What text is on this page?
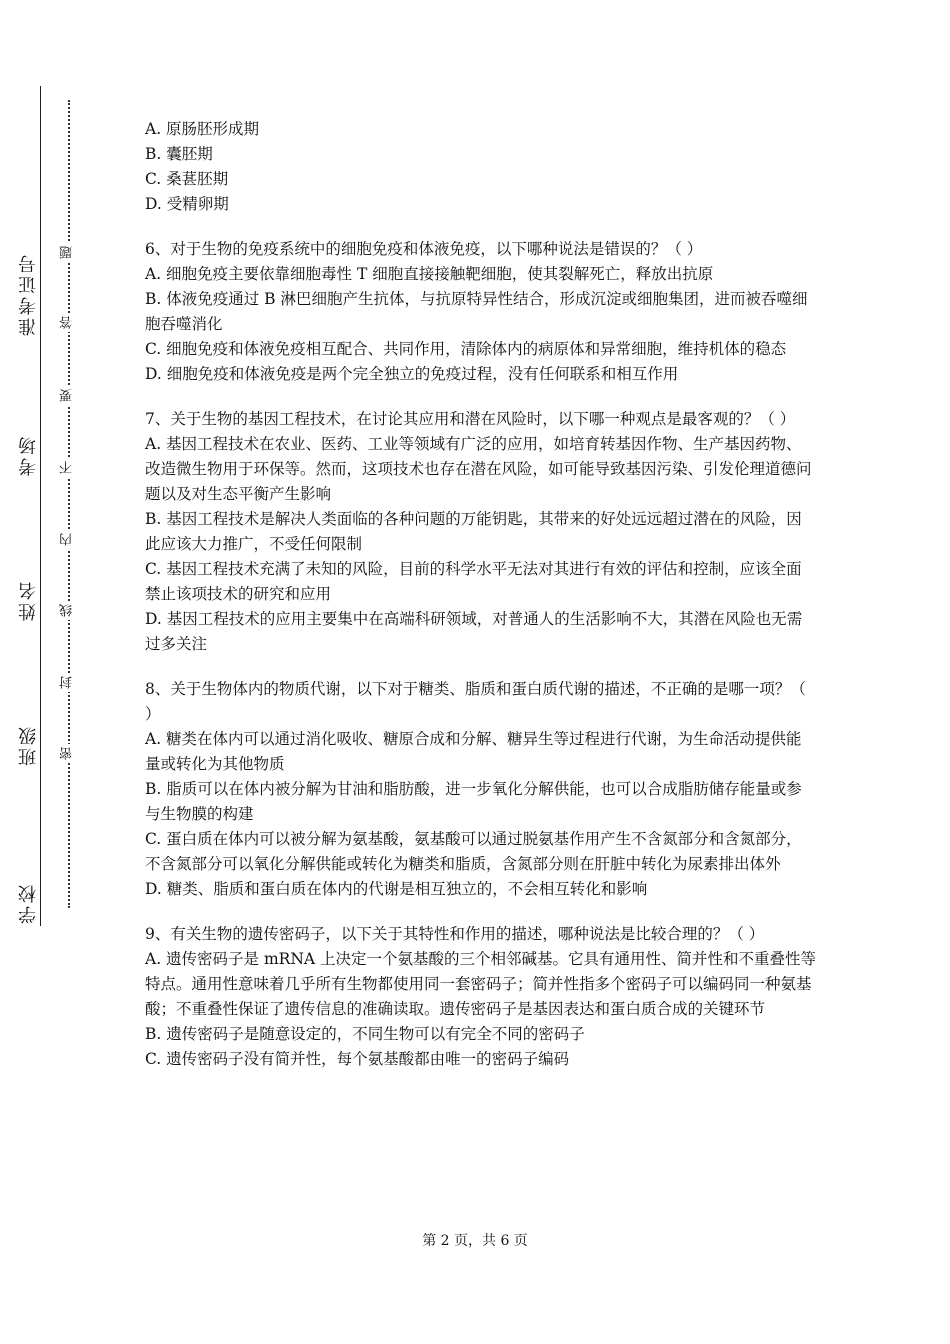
准考证号
考场
姓名
班级
学校
题
答
要
不
内
线
封
密

A. 原肠胚形成期

B. 囊胚期

C. 桑葚胚期

D. 受精卵期

6、对于生物的免疫系统中的细胞免疫和体液免疫，以下哪种说法是错误的？（ ）

A. 细胞免疫主要依靠细胞毒性 T 细胞直接接触靶细胞，使其裂解死亡，释放出抗原

B. 体液免疫通过 B 淋巴细胞产生抗体，与抗原特异性结合，形成沉淀或细胞集团，进而被吞噬细胞吞噬消化

C. 细胞免疫和体液免疫相互配合、共同作用，清除体内的病原体和异常细胞，维持机体的稳态

D. 细胞免疫和体液免疫是两个完全独立的免疫过程，没有任何联系和相互作用

7、关于生物的基因工程技术，在讨论其应用和潜在风险时，以下哪一种观点是最客观的？（ ）

A. 基因工程技术在农业、医药、工业等领域有广泛的应用，如培育转基因作物、生产基因药物、改造微生物用于环保等。然而，这项技术也存在潜在风险，如可能导致基因污染、引发伦理道德问题以及对生态平衡产生影响

B. 基因工程技术是解决人类面临的各种问题的万能钥匙，其带来的好处远远超过潜在的风险，因此应该大力推广，不受任何限制

C. 基因工程技术充满了未知的风险，目前的科学水平无法对其进行有效的评估和控制，应该全面禁止该项技术的研究和应用

D. 基因工程技术的应用主要集中在高端科研领域，对普通人的生活影响不大，其潜在风险也无需过多关注

8、关于生物体内的物质代谢，以下对于糖类、脂质和蛋白质代谢的描述，不正确的是哪一项？（ ）

A. 糖类在体内可以通过消化吸收、糖原合成和分解、糖异生等过程进行代谢，为生命活动提供能量或转化为其他物质

B. 脂质可以在体内被分解为甘油和脂肪酸，进一步氧化分解供能，也可以合成脂肪储存能量或参与生物膜的构建

C. 蛋白质在体内可以被分解为氨基酸，氨基酸可以通过脱氨基作用产生不含氮部分和含氮部分，不含氮部分可以氧化分解供能或转化为糖类和脂质，含氮部分则在肝脏中转化为尿素排出体外

D. 糖类、脂质和蛋白质在体内的代谢是相互独立的，不会相互转化和影响

9、有关生物的遗传密码子，以下关于其特性和作用的描述，哪种说法是比较合理的？（ ）

A. 遗传密码子是 mRNA 上决定一个氨基酸的三个相邻碱基。它具有通用性、简并性和不重叠性等特点。通用性意味着几乎所有生物都使用同一套密码子；简并性指多个密码子可以编码同一种氨基酸；不重叠性保证了遗传信息的准确读取。遗传密码子是基因表达和蛋白质合成的关键环节

B. 遗传密码子是随意设定的，不同生物可以有完全不同的密码子

C. 遗传密码子没有简并性，每个氨基酸都由唯一的密码子编码

第 2 页，共 6 页
